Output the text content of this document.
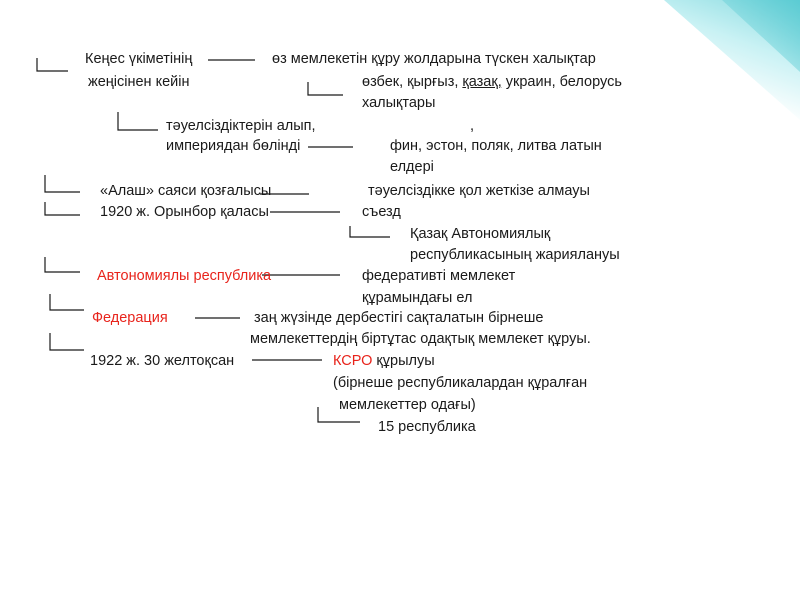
Кеңес үкіметінің	өз мемлекетін құру жолдарына түскен халықтар
жеңісінен кейін	өзбек, қырғыз, қазақ, украин, белорусь
халықтары
тәуелсіздіктерін алып,	,
империядан бөлінді	фин, эстон, поляк, литва латын
елдері
«Алаш» саяси қозғалысы	тәуелсіздікке қол жеткізе алмауы
1920 ж. Орынбор қаласы	съезд
Қазақ Автономиялық
республикасының жариялануы
Автономиялы республика	федеративті мемлекет
құрамындағы ел
Федерация	заң жүзінде дербестігі сақталатын бірнеше
мемлекеттердің біртұтас одақтық мемлекет құруы.
1922 ж. 30 желтоқсан	КСРО құрылуы
(бірнеше республикалардан құралған
мемлекеттер одағы)
15 республика
